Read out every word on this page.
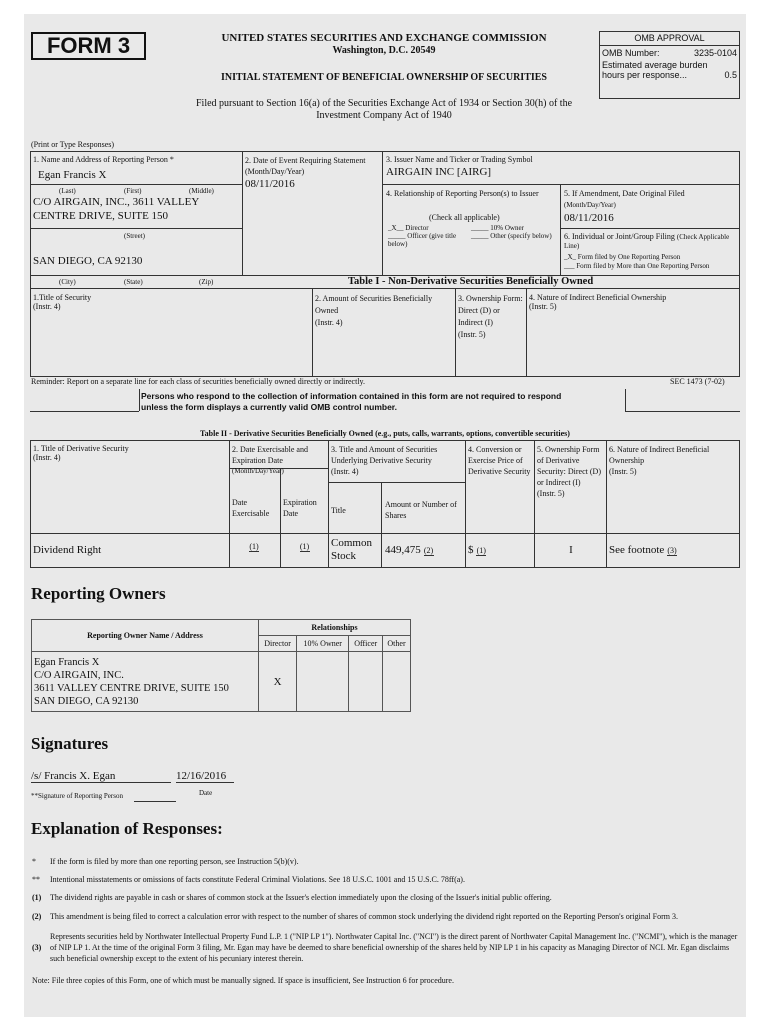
FORM 3	UNITED STATES SECURITIES AND EXCHANGE COMMISSION
Washington, D.C. 20549
INITIAL STATEMENT OF BENEFICIAL OWNERSHIP OF SECURITIES
OMB APPROVAL
OMB Number:	3235-0104
Estimated average burden
hours per response...	0.5
Filed pursuant to Section 16(a) of the Securities Exchange Act of 1934 or Section 30(h) of the
Investment Company Act of 1940
(Print or Type Responses)
1. Name and Address of Reporting Person *
Egan Francis X
(Last)	(First)	(Middle)
C/O AIRGAIN, INC., 3611 VALLEY
CENTRE DRIVE, SUITE 150
(Street)
SAN DIEGO, CA 92130
(City)	(State)	(Zip)
2. Date of Event Requiring Statement (Month/Day/Year)
08/11/2016
3. Issuer Name and Ticker or Trading Symbol
AIRGAIN INC [AIRG]
4. Relationship of Reporting Person(s) to Issuer
(Check all applicable)
_X__ Director	_____ 10% Owner
_____ Officer (give title below)
_____ Other (specify below)
5. If Amendment, Date Original Filed (Month/Day/Year)
08/11/2016
6. Individual or Joint/Group Filing (Check Applicable Line)
_X_ Form filed by One Reporting Person
___ Form filed by More than One Reporting Person
Table I - Non-Derivative Securities Beneficially Owned
1.Title of Security
(Instr. 4)
2. Amount of Securities Beneficially Owned
(Instr. 4)
3. Ownership Form: Direct (D) or Indirect (I)
(Instr. 5)
4. Nature of Indirect Beneficial Ownership
(Instr. 5)
Reminder: Report on a separate line for each class of securities beneficially owned directly or indirectly.	SEC 1473 (7-02)
Persons who respond to the collection of information contained in this form are not required to respond
unless the form displays a currently valid OMB control number.
Table II - Derivative Securities Beneficially Owned (e.g., puts, calls, warrants, options, convertible securities)
1. Title of Derivative Security
(Instr. 4)
2. Date Exercisable and Expiration Date
(Month/Day/Year)
Date Exercisable
Expiration Date
3. Title and Amount of Securities Underlying Derivative Security
(Instr. 4)
Title
Amount or Number of Shares
4. Conversion or Exercise Price of Derivative Security
5. Ownership Form of Derivative Security: Direct (D) or Indirect (I)
(Instr. 5)
6. Nature of Indirect Beneficial Ownership
(Instr. 5)
Dividend Right	(1)	(1)	Common Stock	449,475 (2)	$ (1)	I	See footnote (3)
Reporting Owners
Reporting Owner Name / Address	Relationships			
	Director	10% Owner	Officer	Other

Egan Francis X
C/O AIRGAIN, INC.
3611 VALLEY CENTRE DRIVE, SUITE 150
SAN DIEGO, CA 92130	X			
Signatures
/s/ Francis X. Egan	12/16/2016
**Signature of Reporting Person	Date
Explanation of Responses:
*	If the form is filed by more than one reporting person, see Instruction 5(b)(v).
**	Intentional misstatements or omissions of facts constitute Federal Criminal Violations. See 18 U.S.C. 1001 and 15 U.S.C. 78ff(a).
(1)	The dividend rights are payable in cash or shares of common stock at the Issuer's election immediately upon the closing of the Issuer's initial public offering.
(2)	This amendment is being filed to correct a calculation error with respect to the number of shares of common stock underlying the dividend right reported on the Reporting Person's original Form 3.
(3)
Represents securities held by Northwater Intellectual Property Fund L.P. 1 ("NIP LP 1"). Northwater Capital Inc. ("NCI") is the direct parent of Northwater Capital Management Inc. ("NCMI"), which is the manager of NIP LP 1. At the time of the original Form 3 filing, Mr. Egan may have be deemed to share beneficial ownership of the shares held by NIP LP 1 in his capacity as Managing Director of NCI. Mr. Egan disclaims such beneficial ownership except to the extent of his pecuniary interest therein.
Note: File three copies of this Form, one of which must be manually signed. If space is insufficient, See Instruction 6 for procedure.
